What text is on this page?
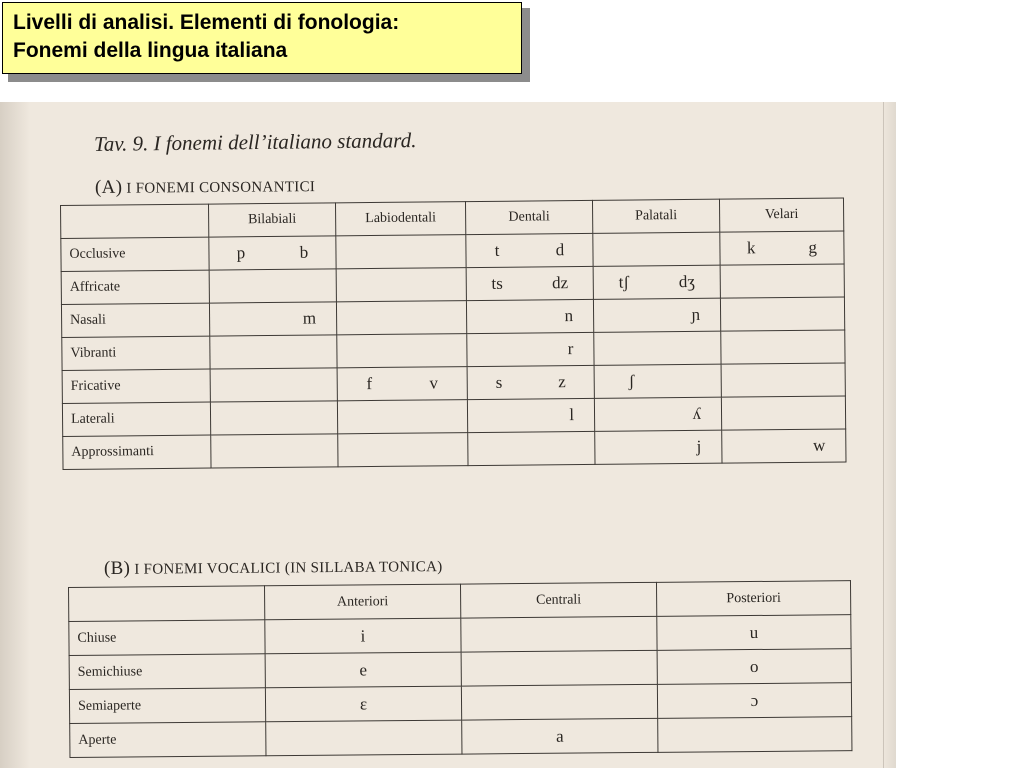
Livelli di analisi. Elementi di fonologia:
Fonemi della lingua italiana
Tav. 9. I fonemi dell’italiano standard.
(A) I FONEMI CONSONANTICI
	Bilabiali	Labiodentali	Dentali	Palatali	Velari
Occlusive	p b		t d		k g

Affricate			ts dz	tʃ dʒ	

Nasali	m		n	ɲ	

Vibranti			r		

Fricative		f v	s z	ʃ	

Laterali			l	ʎ	

Approssimanti				j	w
(B) I FONEMI VOCALICI (IN SILLABA TONICA)
	Anteriori	Centrali	Posteriori
Chiuse	i		u

Semichiuse	e		o

Semiaperte	ɛ		ɔ

Aperte		a	
